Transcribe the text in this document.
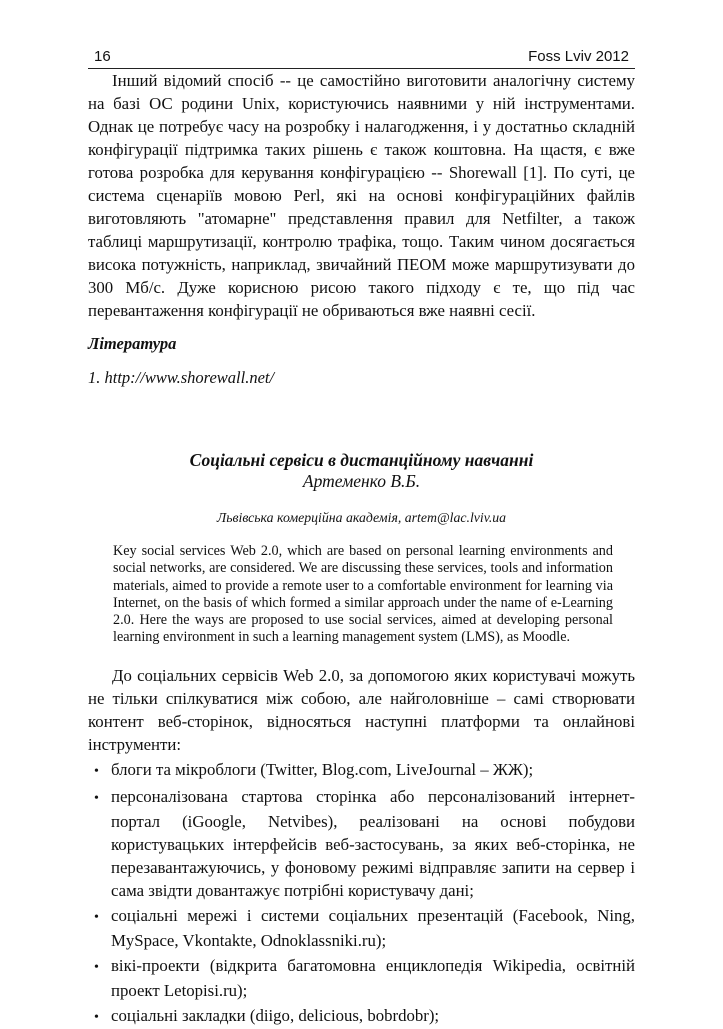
16	Foss Lviv 2012

Інший відомий спосіб -- це самостійно виготовити аналогічну систему на базі ОС родини Unix, користуючись наявними у ній інструментами. Однак це потребує часу на розробку і налагодження, і у достатньо складній конфігурації підтримка таких рішень є також коштовна. На щастя, є вже готова розробка для керування конфігурацією -- Shorewall [1]. По суті, це система сценаріїв мовою Perl, які на основі конфігураційних файлів виготовляють "атомарне" представлення правил для Netfilter, а також таблиці маршрутизації, контролю трафіка, тощо. Таким чином досягається висока потужність, наприклад, звичайний ПЕОМ може маршрутизувати до 300 Мб/с. Дуже корисною рисою такого підходу є те, що під час перевантаження конфігурації не обриваються вже наявні сесії.

Література

1. http://www.shorewall.net/

Соціальні сервіси в дистанційному навчанні

Артеменко В.Б.

Львівська комерційна академія, artem@lac.lviv.ua

Key social services Web 2.0, which are based on personal learning environments and social networks, are considered. We are discussing these services, tools and information materials, aimed to provide a remote user to a comfortable environment for learning via Internet, on the basis of which formed a similar approach under the name of e-Learning 2.0. Here the ways are proposed to use social services, aimed at developing personal learning environment in such a learning management system (LMS), as Moodle.

До соціальних сервісів Web 2.0, за допомогою яких користувачі можуть не тільки спілкуватися між собою, але найголовніше – самі створювати контент веб-сторінок, відносяться наступні платформи та онлайнові інструменти:

• блоги та мікроблоги (Twitter, Blog.com, LiveJournal – ЖЖ);
• персоналізована стартова сторінка або персоналізований інтернет-портал (iGoogle, Netvibes), реалізовані на основі побудови користувацьких інтерфейсів веб-застосувань, за яких веб-сторінка, не перезавантажуючись, у фоновому режимі відправляє запити на сервер і сама звідти довантажує потрібні користувачу дані;
• соціальні мережі і системи соціальних презентацій (Facebook, Ning, MySpace, Vkontakte, Odnoklassniki.ru);
• вікі-проекти (відкрита багатомовна енциклопедія Wikipedia, освітній проект Letopisi.ru);
• соціальні закладки (diigo, delicious, bobrdobr);
